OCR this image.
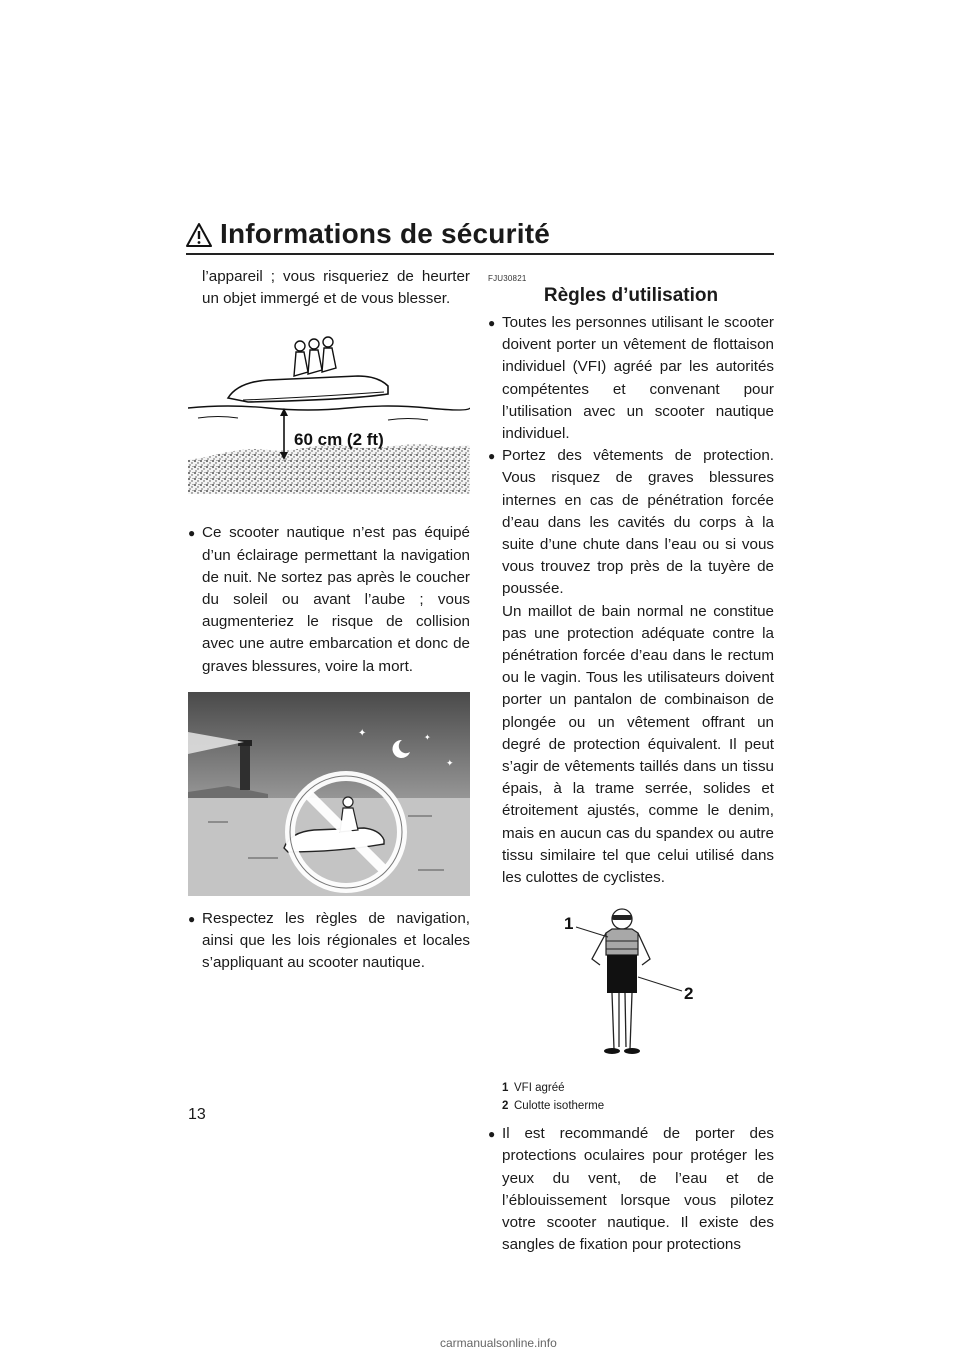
Informations de sécurité

l’appareil ; vous risqueriez de heurter un objet immergé et de vous blesser.

60 cm (2 ft)
● Ce scooter nautique n’est pas équipé d’un éclairage permettant la navigation de nuit. Ne sortez pas après le coucher du soleil ou avant l’aube ; vous augmenteriez le risque de collision avec une autre embarcation et donc de graves blessures, voire la mort.

✦	✦
✦
● Respectez les règles de navigation, ainsi que les lois régionales et locales s’appliquant au scooter nautique.

FJU30821

Règles d’utilisation
● Toutes les personnes utilisant le scooter doivent porter un vêtement de flottaison individuel (VFI) agréé par les autorités compétentes et convenant pour l’utilisation avec un scooter nautique individuel.

● Portez des vêtements de protection. Vous risquez de graves blessures internes en cas de pénétration forcée d’eau dans les cavités du corps à la suite d’une chute dans l’eau ou si vous vous trouvez trop près de la tuyère de poussée.

Un maillot de bain normal ne constitue pas une protection adéquate contre la pénétration forcée d’eau dans le rectum ou le vagin. Tous les utilisateurs doivent porter un pantalon de combinaison de plongée ou un vêtement offrant un degré de protection équivalent. Il peut s’agir de vêtements taillés dans un tissu épais, à la trame serrée, solides et étroitement ajustés, comme le denim, mais en aucun cas du spandex ou autre tissu similaire tel que celui utilisé dans les culottes de cyclistes.

1
2
1 VFI agréé
2 Culotte isotherme
● Il est recommandé de porter des protections oculaires pour protéger les yeux du vent, de l’eau et de l’éblouissement lorsque vous pilotez votre scooter nautique. Il existe des sangles de fixation pour protections

13
carmanualsonline.info
